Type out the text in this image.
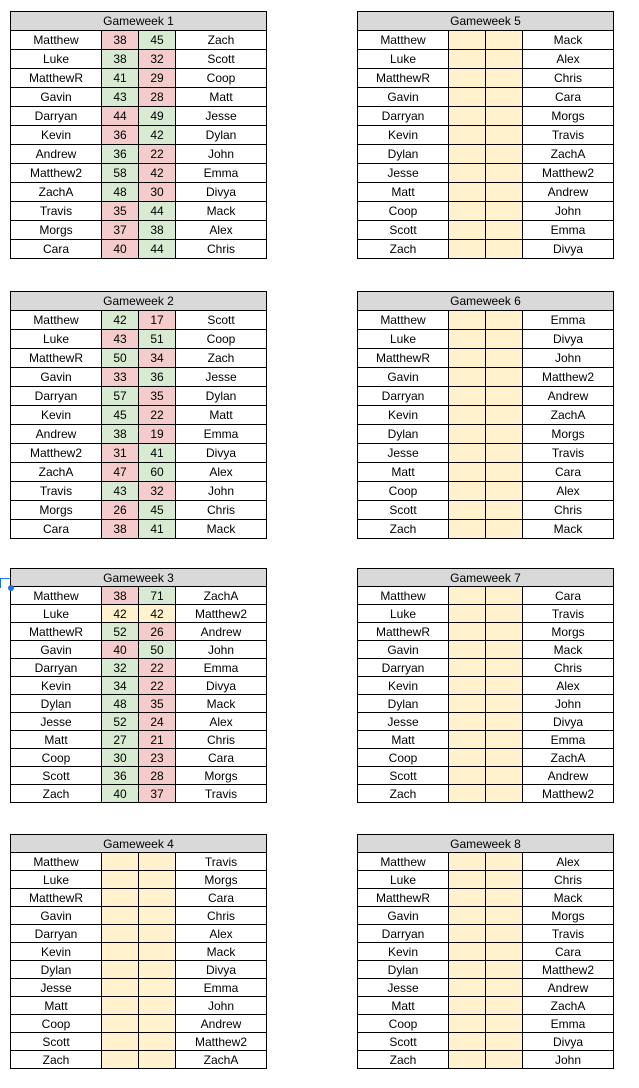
Gameweek 1			
Matthew	38	45	Zach
Luke	38	32	Scott
MatthewR	41	29	Coop
Gavin	43	28	Matt
Darryan	44	49	Jesse
Kevin	36	42	Dylan
Andrew	36	22	John
Matthew2	58	42	Emma
ZachA	48	30	Divya
Travis	35	44	Mack
Morgs	37	38	Alex
Cara	40	44	Chris
Gameweek 2			
Matthew	42	17	Scott
Luke	43	51	Coop
MatthewR	50	34	Zach
Gavin	33	36	Jesse
Darryan	57	35	Dylan
Kevin	45	22	Matt
Andrew	38	19	Emma
Matthew2	31	41	Divya
ZachA	47	60	Alex
Travis	43	32	John
Morgs	26	45	Chris
Cara	38	41	Mack
Gameweek 3			
Matthew	38	71	ZachA
Luke	42	42	Matthew2
MatthewR	52	26	Andrew
Gavin	40	50	John
Darryan	32	22	Emma
Kevin	34	22	Divya
Dylan	48	35	Mack
Jesse	52	24	Alex
Matt	27	21	Chris
Coop	30	23	Cara
Scott	36	28	Morgs
Zach	40	37	Travis
Gameweek 4			
Matthew			Travis
Luke			Morgs
MatthewR			Cara
Gavin			Chris
Darryan			Alex
Kevin			Mack
Dylan			Divya
Jesse			Emma
Matt			John
Coop			Andrew
Scott			Matthew2
Zach			ZachA
Gameweek 5			
Matthew			Mack
Luke			Alex
MatthewR			Chris
Gavin			Cara
Darryan			Morgs
Kevin			Travis
Dylan			ZachA
Jesse			Matthew2
Matt			Andrew
Coop			John
Scott			Emma
Zach			Divya
Gameweek 6			
Matthew			Emma
Luke			Divya
MatthewR			John
Gavin			Matthew2
Darryan			Andrew
Kevin			ZachA
Dylan			Morgs
Jesse			Travis
Matt			Cara
Coop			Alex
Scott			Chris
Zach			Mack
Gameweek 7			
Matthew			Cara
Luke			Travis
MatthewR			Morgs
Gavin			Mack
Darryan			Chris
Kevin			Alex
Dylan			John
Jesse			Divya
Matt			Emma
Coop			ZachA
Scott			Andrew
Zach			Matthew2
Gameweek 8			
Matthew			Alex
Luke			Chris
MatthewR			Mack
Gavin			Morgs
Darryan			Travis
Kevin			Cara
Dylan			Matthew2
Jesse			Andrew
Matt			ZachA
Coop			Emma
Scott			Divya
Zach			John
